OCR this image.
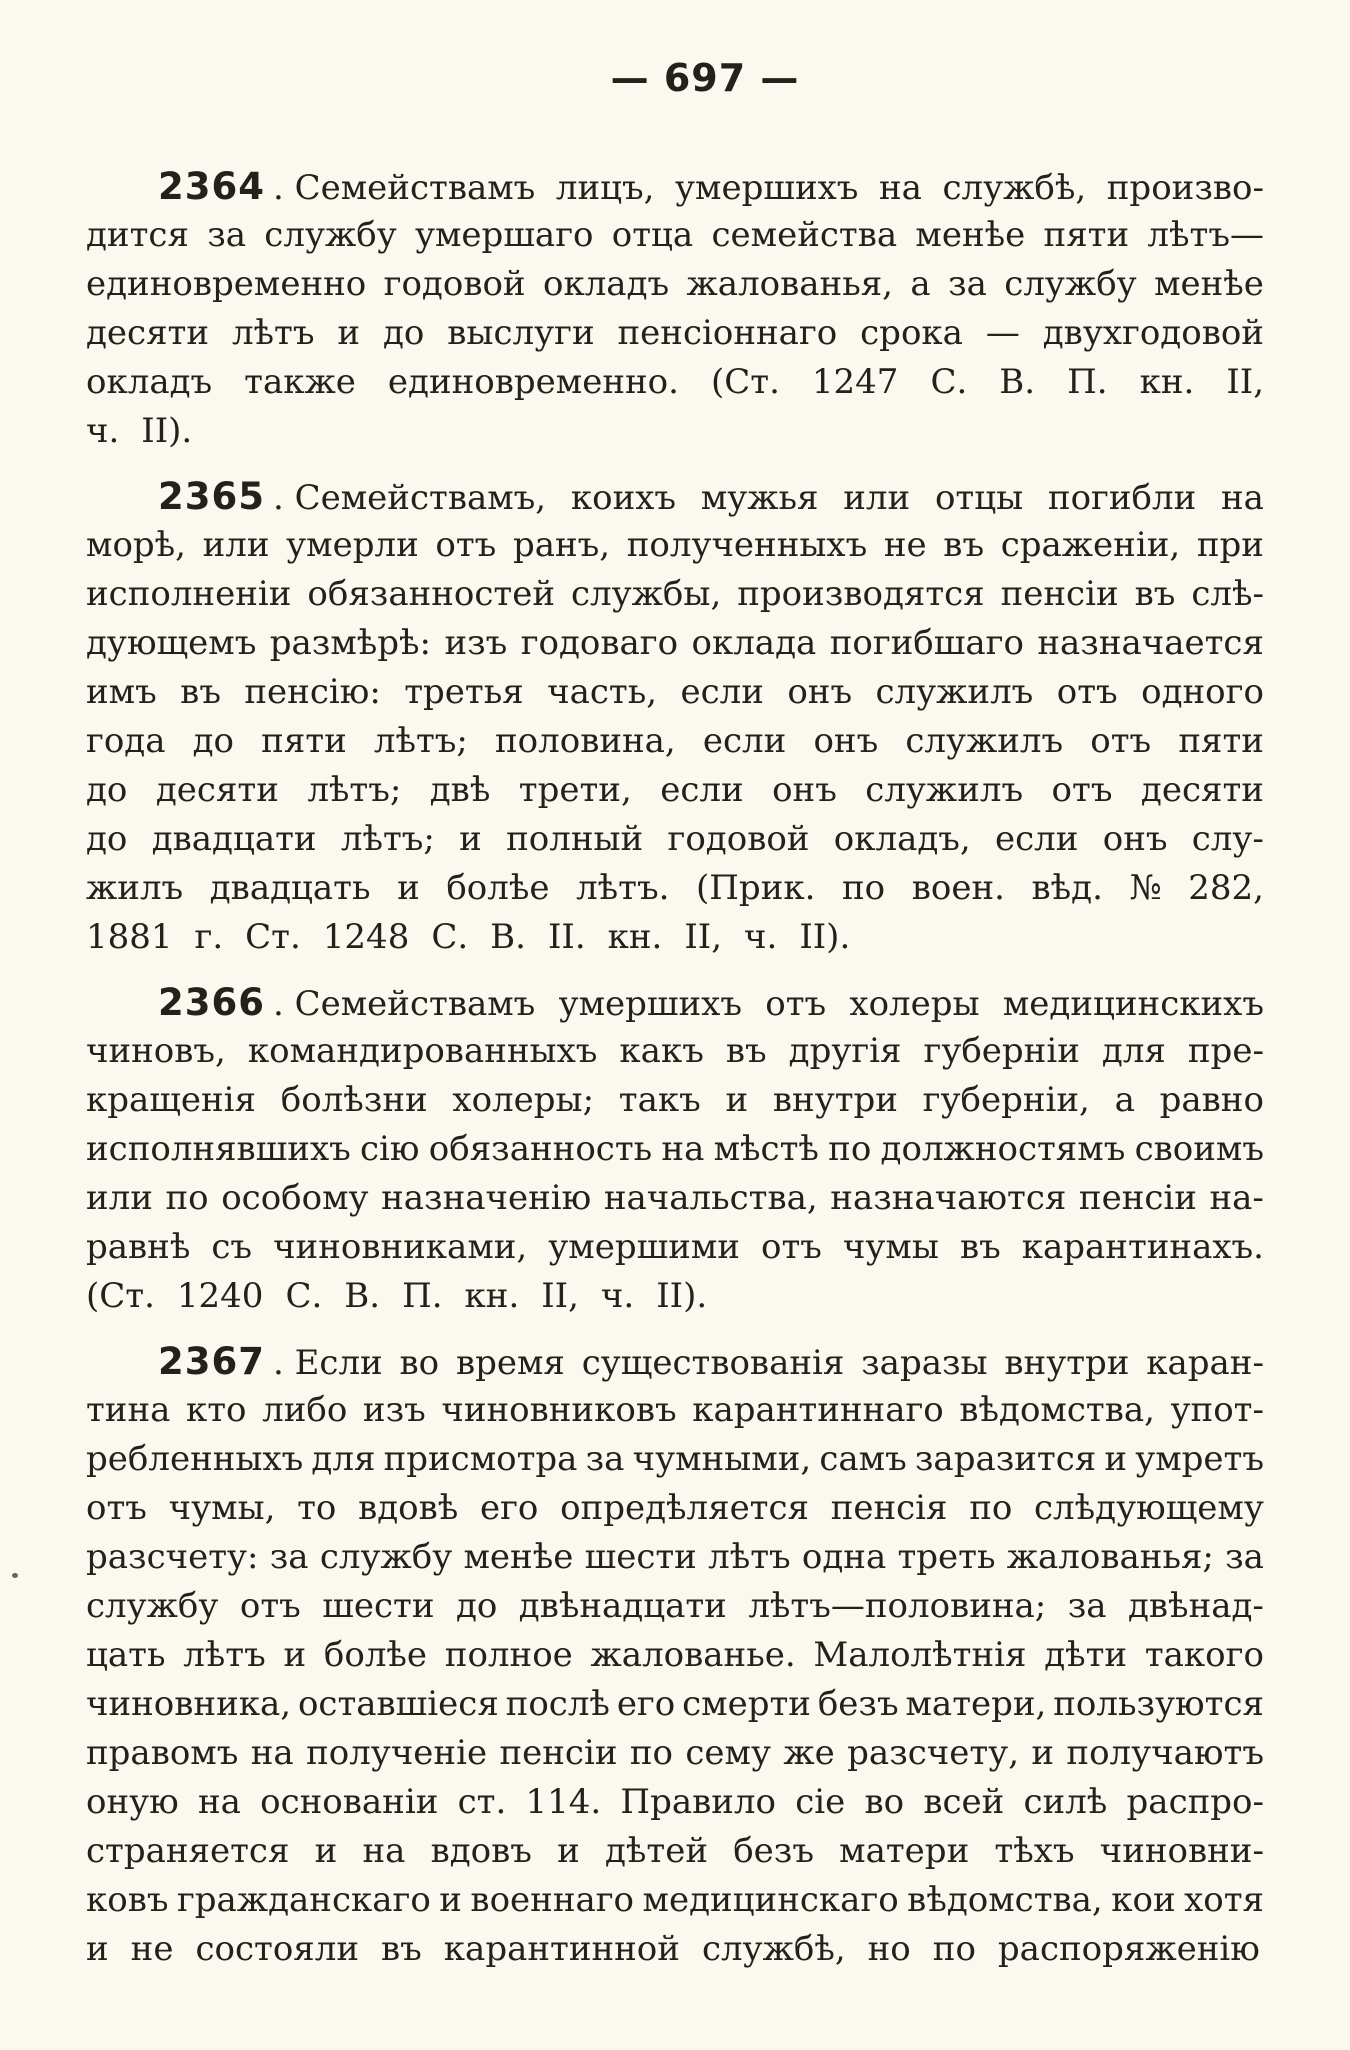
— 697 —
2364 . Семействамъ лицъ, умершихъ на службѣ, произво-
дится за службу умершаго отца семейства менѣе пяти лѣтъ—
единовременно годовой окладъ жалованья, а за службу менѣе
десяти лѣтъ и до выслуги пенсіоннаго срока — двухгодовой
окладъ также единовременно. (Ст. 1247 С. В. П. кн. II,
ч. II).
2365 . Семействамъ, коихъ мужья или отцы погибли на
морѣ, или умерли отъ ранъ, полученныхъ не въ сраженіи, при
исполненіи обязанностей службы, производятся пенсіи въ слѣ-
дующемъ размѣрѣ: изъ годоваго оклада погибшаго назначается
имъ въ пенсію: третья часть, если онъ служилъ отъ одного
года до пяти лѣтъ; половина, если онъ служилъ отъ пяти
до десяти лѣтъ; двѣ трети, если онъ служилъ отъ десяти
до двадцати лѣтъ; и полный годовой окладъ, если онъ слу-
жилъ двадцать и болѣе лѣтъ. (Прик. по воен. вѣд. № 282,
1881 г. Ст. 1248 С. В. II. кн. II, ч. II).
2366 . Семействамъ умершихъ отъ холеры медицинскихъ
чиновъ, командированныхъ какъ въ другія губерніи для пре-
кращенія болѣзни холеры; такъ и внутри губерніи, а равно
исполнявшихъ сію обязанность на мѣстѣ по должностямъ своимъ
или по особому назначенію начальства, назначаются пенсіи на-
равнѣ съ чиновниками, умершими отъ чумы въ карантинахъ.
(Ст. 1240 С. В. П. кн. II, ч. II).
2367 . Если во время существованія заразы внутри каран-
тина кто либо изъ чиновниковъ карантиннаго вѣдомства, упот-
ребленныхъ для присмотра за чумными, самъ заразится и умретъ
отъ чумы, то вдовѣ его опредѣляется пенсія по слѣдующему
разсчету: за службу менѣе шести лѣтъ одна треть жалованья; за
службу отъ шести до двѣнадцати лѣтъ—половина; за двѣнад-
цать лѣтъ и болѣе полное жалованье. Малолѣтнія дѣти такого
чиновника, оставшіеся послѣ его смерти безъ матери, пользуются
правомъ на полученіе пенсіи по сему же разсчету, и получаютъ
оную на основаніи ст. 114. Правило сіе во всей силѣ распро-
страняется и на вдовъ и дѣтей безъ матери тѣхъ чиновни-
ковъ гражданскаго и военнаго медицинскаго вѣдомства, кои хотя
и не состояли въ карантинной службѣ, но по распоряженію
